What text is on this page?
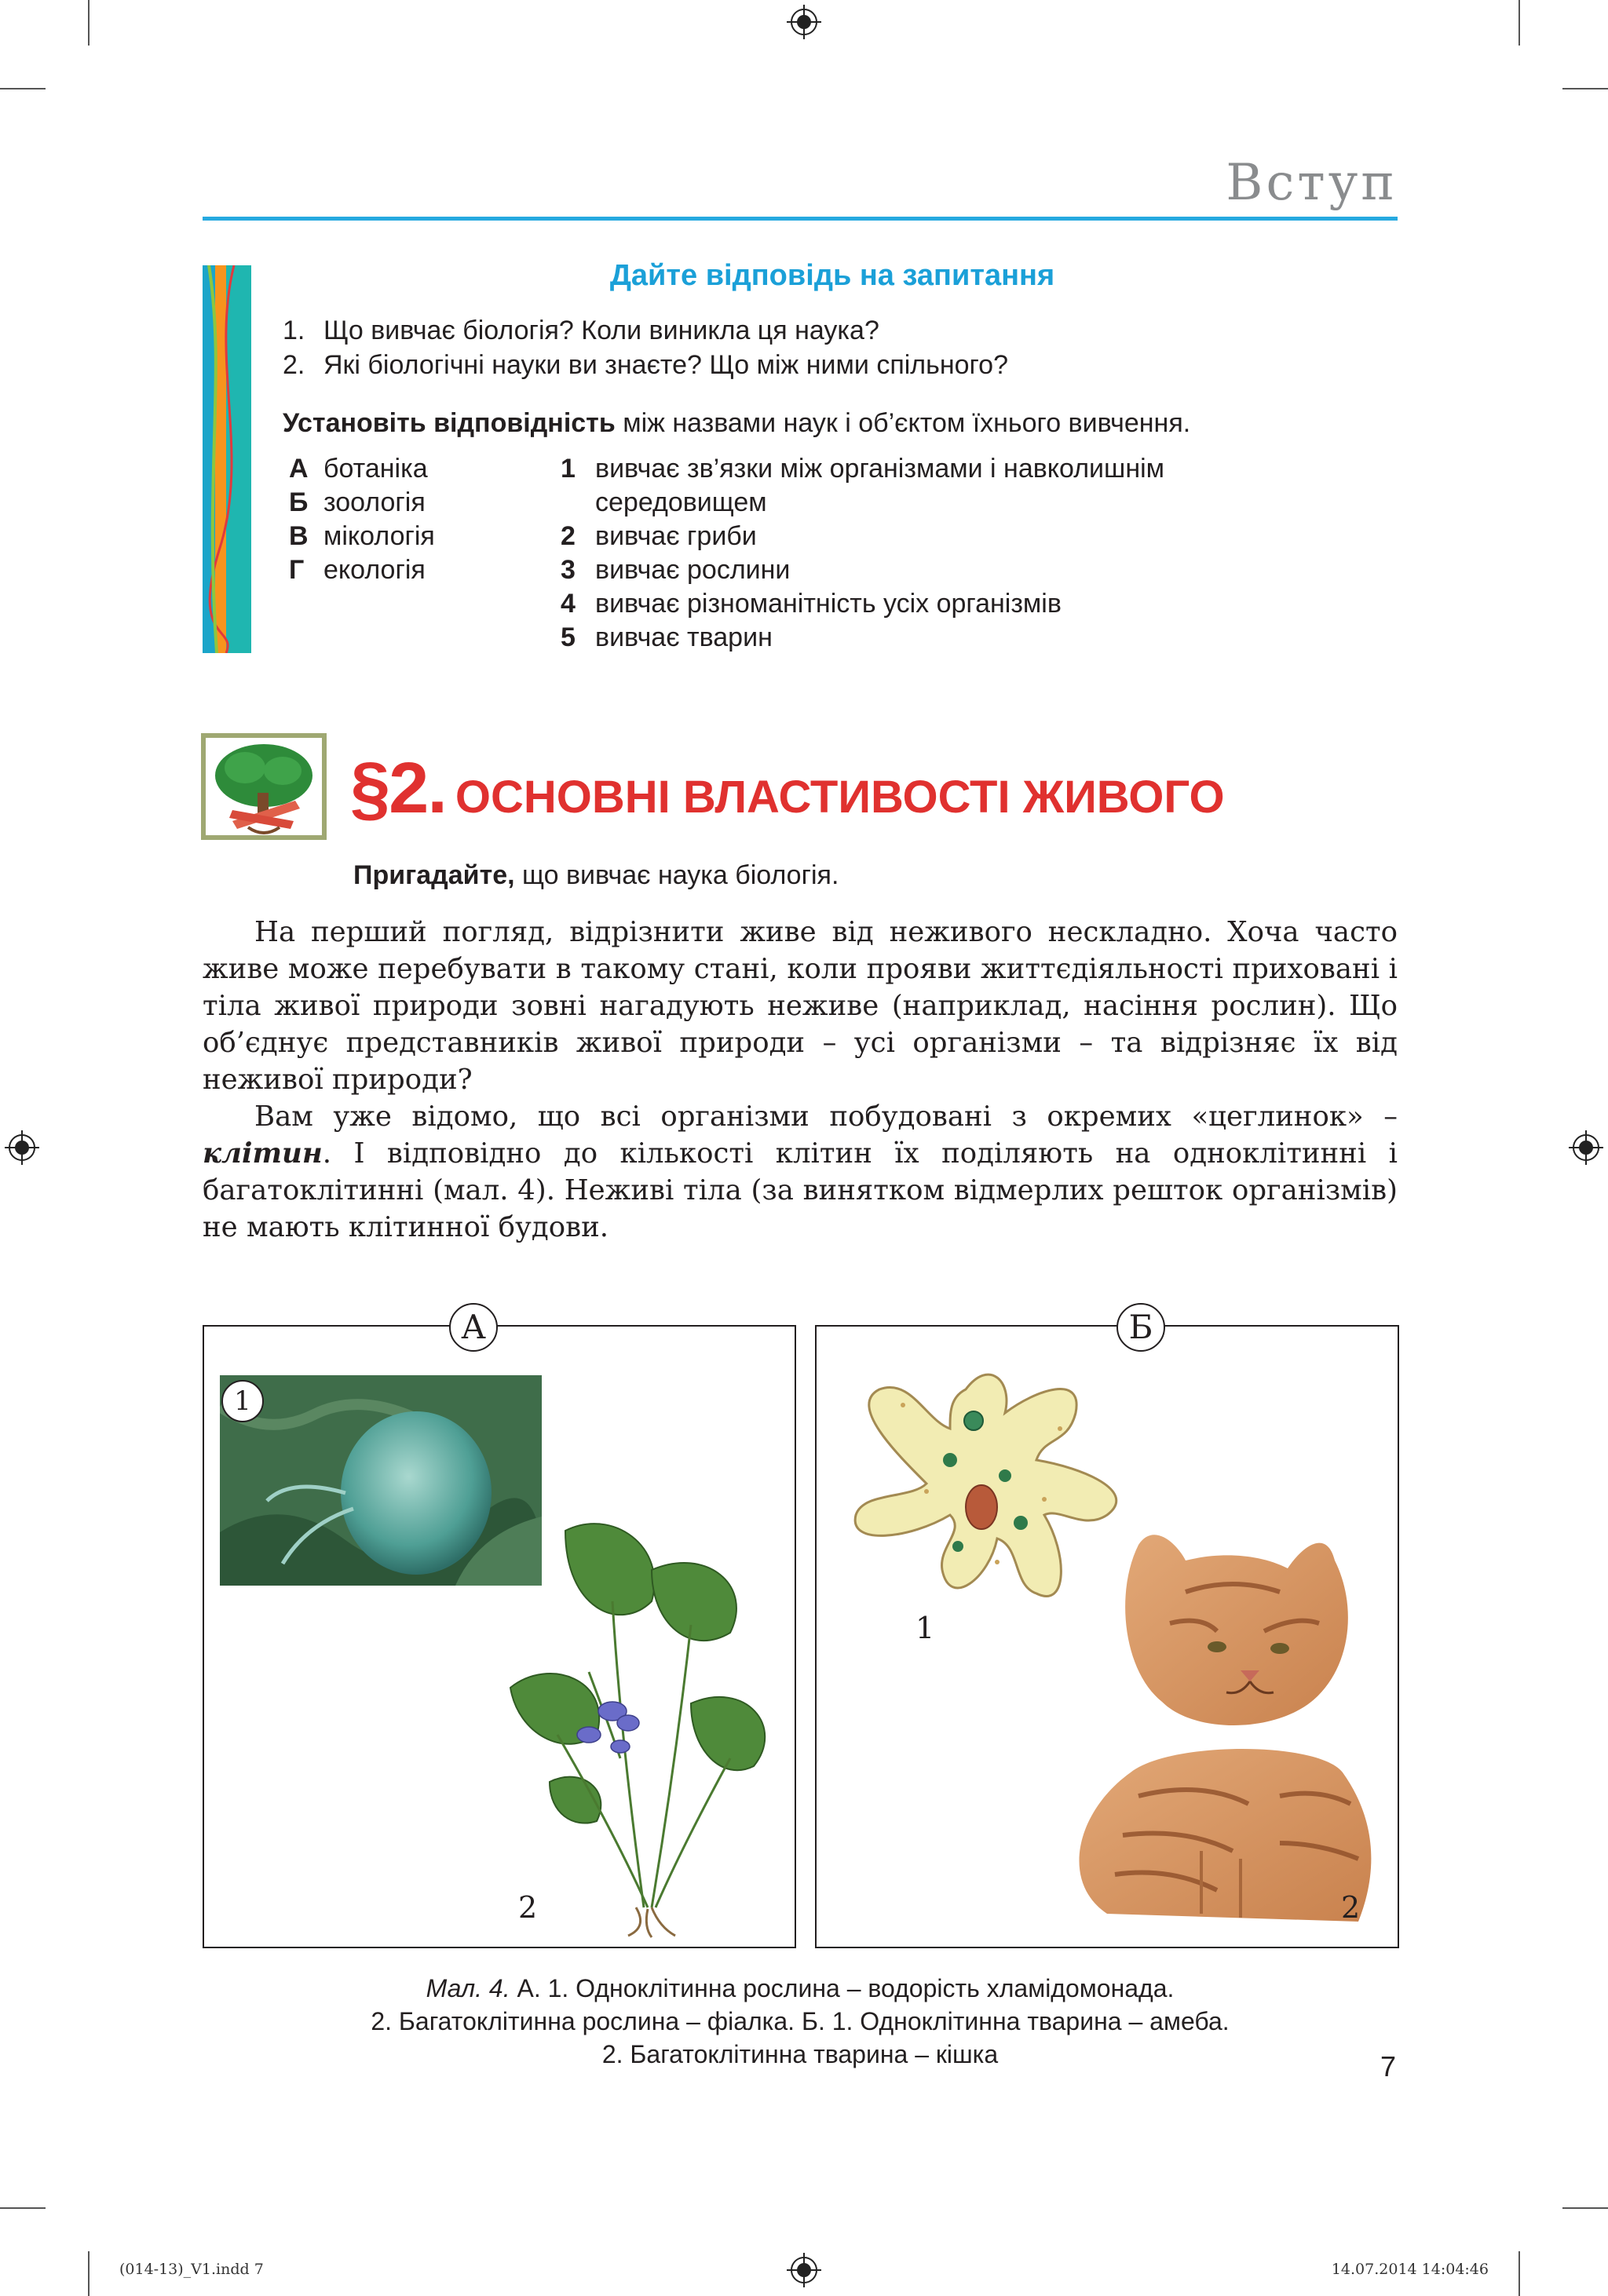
Вступ
Дайте відповідь на запитання
1. Що вивчає біологія? Коли виникла ця наука?
2. Які біологічні науки ви знаєте? Що між ними спільного?
Установіть відповідність між назвами наук і об’єктом їхнього вивчення.
А ботаніка
Б зоологія
В мікологія
Г екологія
1 вивчає зв’язки між організмами і навколишнім
середовищем
2 вивчає гриби
3 вивчає рослини
4 вивчає різноманітність усіх організмів
5 вивчає тварин
§2. ОСНОВНІ ВЛАСТИВОСТІ ЖИВОГО
Пригадайте, що вивчає наука біологія.

На перший погляд, відрізнити живе від неживого нескладно. Хоча часто живе може перебувати в такому стані, коли прояви життєдіяльності приховані і тіла живої природи зовні нагадують неживе (наприклад, насіння рослин). Що об’єднує представників живої природи – усі організми – та відрізняє їх від неживої природи?

Вам уже відомо, що всі організми побудовані з окремих «цеглинок» – клітин. І відповідно до кількості клітин їх поділяють на одноклітинні і багатоклітинні (мал. 4). Неживі тіла (за винятком відмерлих решток організмів) не мають клітинної будови.

1
2
А
1
2
Б
Мал. 4. А. 1. Одноклітинна рослина – водорість хламідомонада.
2. Багатоклітинна рослина – фіалка. Б. 1. Одноклітинна тварина – амеба.
2. Багатоклітинна тварина – кішка	7
(014-13)_V1.indd 7	14.07.2014 14:04:46
